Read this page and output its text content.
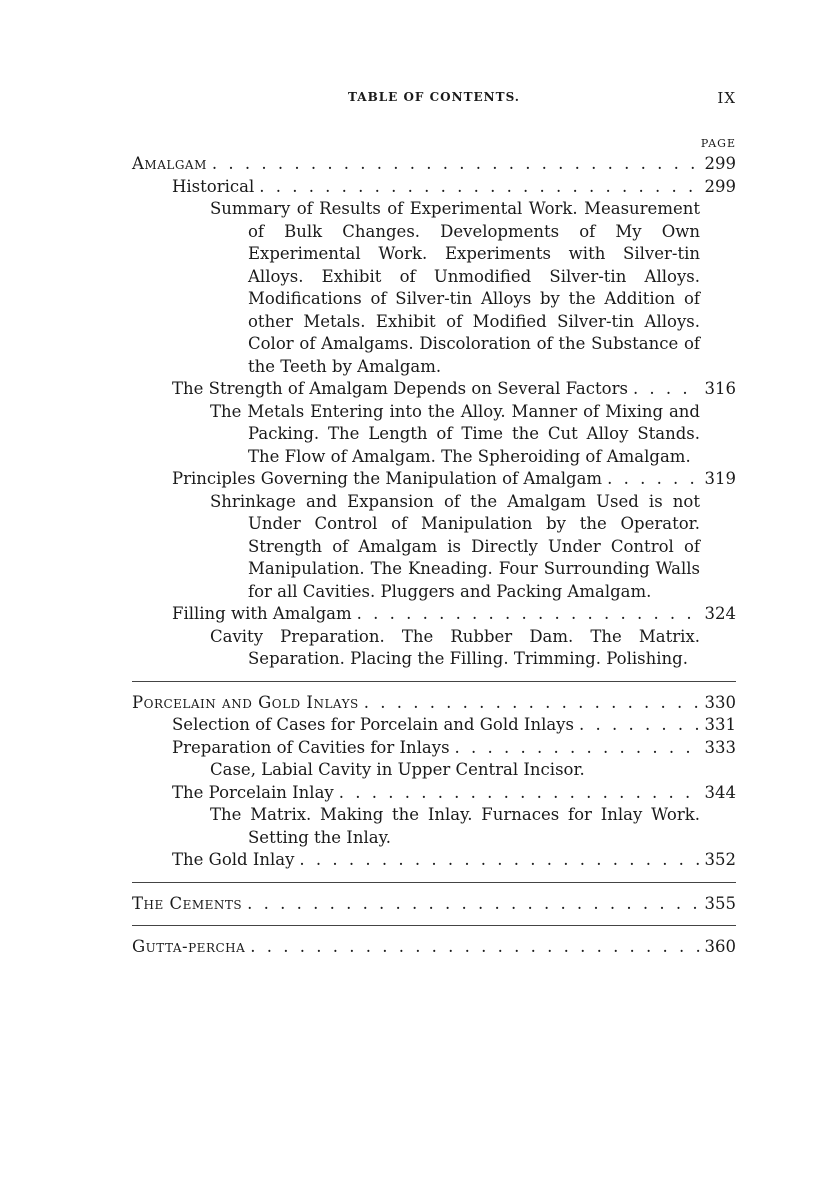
TABLE OF CONTENTS.	IX
PAGE
Amalgam . . .	299
Historical . . .	299
Summary of Results of Experimental Work. Measurement of Bulk Changes. Developments of My Own Experimental Work. Experiments with Silver-tin Alloys. Exhibit of Unmodified Silver-tin Alloys. Modifications of Silver-tin Alloys by the Addition of other Metals. Exhibit of Modified Silver-tin Alloys. Color of Amalgams. Discoloration of the Substance of the Teeth by Amalgam.
The Strength of Amalgam Depends on Several Factors . . .	316
The Metals Entering into the Alloy. Manner of Mixing and Packing. The Length of Time the Cut Alloy Stands. The Flow of Amalgam. The Spheroiding of Amalgam.
Principles Governing the Manipulation of Amalgam . . .	319
Shrinkage and Expansion of the Amalgam Used is not Under Control of Manipulation by the Operator. Strength of Amalgam is Directly Under Control of Manipulation. The Kneading. Four Surrounding Walls for all Cavities. Pluggers and Packing Amalgam.
Filling with Amalgam . . .	324
Cavity Preparation. The Rubber Dam. The Matrix. Separation. Placing the Filling. Trimming. Polishing.
Porcelain and Gold Inlays . . .	330
Selection of Cases for Porcelain and Gold Inlays . . .	331
Preparation of Cavities for Inlays . . .	333
Case, Labial Cavity in Upper Central Incisor.
The Porcelain Inlay . . .	344
The Matrix. Making the Inlay. Furnaces for Inlay Work. Setting the Inlay.
The Gold Inlay . . .	352
The Cements . . .	355
Gutta-percha . . .	360
